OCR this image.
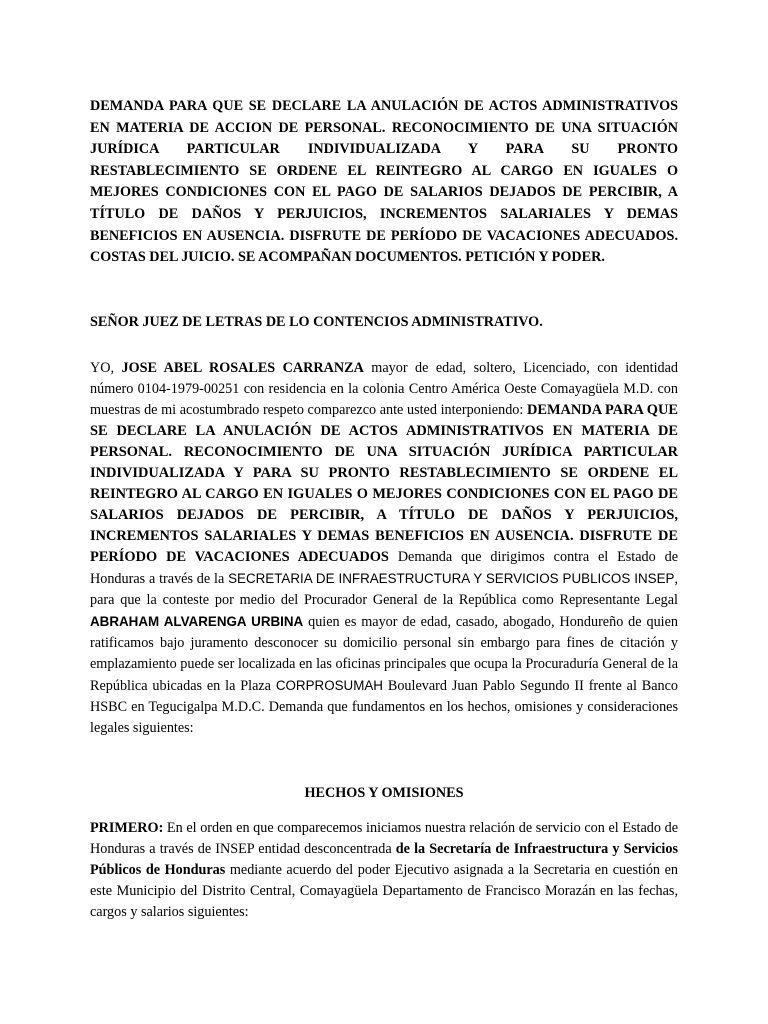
DEMANDA PARA QUE SE DECLARE LA ANULACIÓN DE ACTOS ADMINISTRATIVOS EN MATERIA DE ACCION DE PERSONAL. RECONOCIMIENTO DE UNA SITUACIÓN JURÍDICA PARTICULAR INDIVIDUALIZADA Y PARA SU PRONTO RESTABLECIMIENTO SE ORDENE EL REINTEGRO AL CARGO EN IGUALES O MEJORES CONDICIONES CON EL PAGO DE SALARIOS DEJADOS DE PERCIBIR, A TÍTULO DE DAÑOS Y PERJUICIOS, INCREMENTOS SALARIALES Y DEMAS BENEFICIOS EN AUSENCIA. DISFRUTE DE PERÍODO DE VACACIONES ADECUADOS. COSTAS DEL JUICIO. SE ACOMPAÑAN DOCUMENTOS. PETICIÓN Y PODER.

SEÑOR JUEZ DE LETRAS DE LO CONTENCIOS ADMINISTRATIVO.

YO, JOSE ABEL ROSALES CARRANZA mayor de edad, soltero, Licenciado, con identidad número 0104-1979-00251 con residencia en la colonia Centro América Oeste Comayagüela M.D. con muestras de mi acostumbrado respeto comparezco ante usted interponiendo: DEMANDA PARA QUE SE DECLARE LA ANULACIÓN DE ACTOS ADMINISTRATIVOS EN MATERIA DE PERSONAL. RECONOCIMIENTO DE UNA SITUACIÓN JURÍDICA PARTICULAR INDIVIDUALIZADA Y PARA SU PRONTO RESTABLECIMIENTO SE ORDENE EL REINTEGRO AL CARGO EN IGUALES O MEJORES CONDICIONES CON EL PAGO DE SALARIOS DEJADOS DE PERCIBIR, A TÍTULO DE DAÑOS Y PERJUICIOS, INCREMENTOS SALARIALES Y DEMAS BENEFICIOS EN AUSENCIA. DISFRUTE DE PERÍODO DE VACACIONES ADECUADOS Demanda que dirigimos contra el Estado de Honduras a través de la SECRETARIA DE INFRAESTRUCTURA Y SERVICIOS PUBLICOS INSEP, para que la conteste por medio del Procurador General de la República como Representante Legal ABRAHAM ALVARENGA URBINA quien es mayor de edad, casado, abogado, Hondureño de quien ratificamos bajo juramento desconocer su domicilio personal sin embargo para fines de citación y emplazamiento puede ser localizada en las oficinas principales que ocupa la Procuraduría General de la República ubicadas en la Plaza CORPROSUMAH Boulevard Juan Pablo Segundo II frente al Banco HSBC en Tegucigalpa M.D.C. Demanda que fundamentos en los hechos, omisiones y consideraciones legales siguientes:

HECHOS Y OMISIONES

PRIMERO: En el orden en que comparecemos iniciamos nuestra relación de servicio con el Estado de Honduras a través de INSEP entidad desconcentrada de la Secretaría de Infraestructura y Servicios Públicos de Honduras mediante acuerdo del poder Ejecutivo asignada a la Secretaria en cuestión en este Municipio del Distrito Central, Comayagüela Departamento de Francisco Morazán en las fechas, cargos y salarios siguientes:
